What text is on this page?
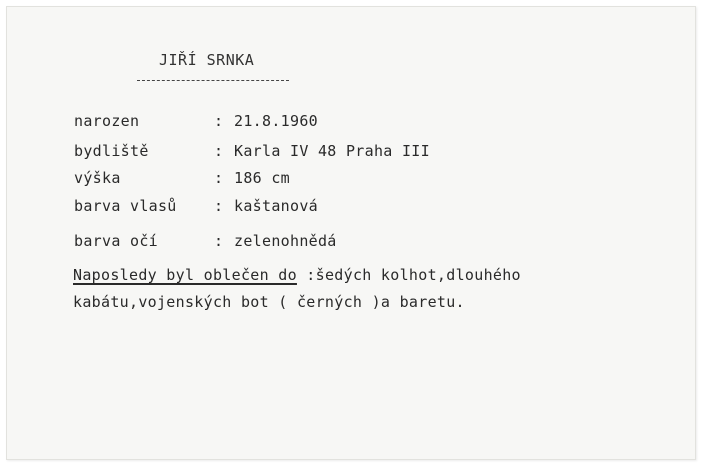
JIŘÍ SRNKA
narozen	: 21.8.1960
bydliště	: Karla IV 48 Praha III
výška	: 186 cm
barva vlasů : kaštanová
barva očí	: zelenohnědá
Naposledy byl oblečen do :šedých kolhot,dlouhého
kabátu,vojenských bot ( černých )a baretu.
